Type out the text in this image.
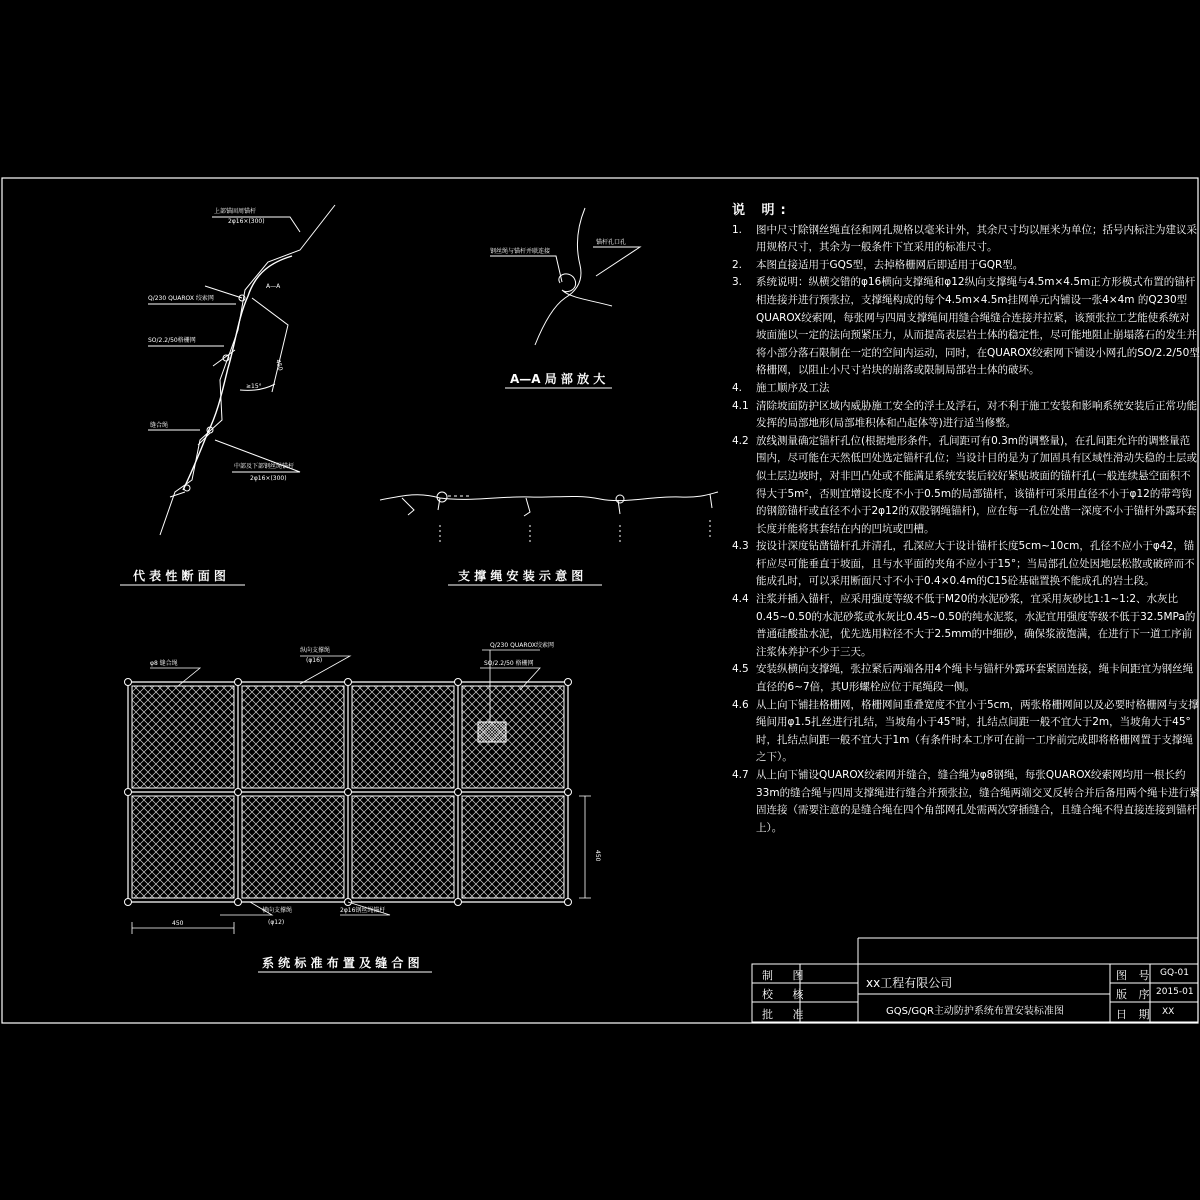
A—A
上部锚固周锚杆
2φ16×(300)
Q/230 QUAROX 绞索网
SO/2.2/50格栅网
450
≥15°
缝合绳
中部及下部钢丝绳锚杆
2φ16×(300)
代 表 性 断 面 图
钢丝绳与锚杆并联连接
锚杆孔口孔
A—A 局 部 放 大
支 撑 绳 安 装 示 意 图
φ8 缝合绳
纵向支撑绳
(φ16)
Q/230 QUAROX绞索网
SO/2.2/50 格栅网
横向支撑绳
(φ12)
2φ16钢丝绳锚杆
450
450
系 统 标 准 布 置 及 缝 合 图
说 明:
1. 图中尺寸除钢丝绳直径和网孔规格以毫米计外，其余尺寸均以厘米为单位；括号内标注为建议采用规格尺寸，其余为一般条件下宜采用的标准尺寸。
2. 本图直接适用于GQS型，去掉格栅网后即适用于GQR型。
3. 系统说明：纵横交错的φ16横向支撑绳和φ12纵向支撑绳与4.5m×4.5m正方形模式布置的锚杆相连接并进行预张拉，支撑绳构成的每个4.5m×4.5m挂网单元内铺设一张4×4m 的Q230型QUAROX绞索网，每张网与四周支撑绳间用缝合绳缝合连接并拉紧，该预张拉工艺能使系统对坡面施以一定的法向预紧压力，从而提高表层岩土体的稳定性，尽可能地阻止崩塌落石的发生并将小部分落石限制在一定的空间内运动，同时，在QUAROX绞索网下铺设小网孔的SO/2.2/50型格栅网，以阻止小尺寸岩块的崩落或限制局部岩土体的破坏。
4. 施工顺序及工法
4.1 清除坡面防护区域内威胁施工安全的浮土及浮石，对不利于施工安装和影响系统安装后正常功能发挥的局部地形(局部堆积体和凸起体等)进行适当修整。
4.2 放线测量确定锚杆孔位(根据地形条件，孔间距可有0.3m的调整量)，在孔间距允许的调整量范围内，尽可能在天然低凹处选定锚杆孔位；当设计目的是为了加固具有区域性滑动失稳的土层或似土层边坡时，对非凹凸处或不能满足系统安装后较好紧贴坡面的锚杆孔(一般连续悬空面积不得大于5m²，否则宜增设长度不小于0.5m的局部锚杆，该锚杆可采用直径不小于φ12的带弯钩的钢筋锚杆或直径不小于2φ12的双股钢绳锚杆)，应在每一孔位处凿一深度不小于锚杆外露环套长度并能将其套结在内的凹坑或凹槽。
4.3 按设计深度钻凿锚杆孔并清孔，孔深应大于设计锚杆长度5cm~10cm，孔径不应小于φ42，锚杆应尽可能垂直于坡面，且与水平面的夹角不应小于15°；当局部孔位处因地层松散或破碎而不能成孔时，可以采用断面尺寸不小于0.4×0.4m的C15砼基础置换不能成孔的岩土段。
4.4 注浆并插入锚杆，应采用强度等级不低于M20的水泥砂浆，宜采用灰砂比1:1~1:2、水灰比0.45~0.50的水泥砂浆或水灰比0.45~0.50的纯水泥浆，水泥宜用强度等级不低于32.5MPa的普通硅酸盐水泥，优先选用粒径不大于2.5mm的中细砂，确保浆液饱满，在进行下一道工序前注浆体养护不少于三天。
4.5 安装纵横向支撑绳，张拉紧后两端各用4个绳卡与锚杆外露环套紧固连接，绳卡间距宜为钢丝绳直径的6~7倍，其U形螺栓应位于尾绳段一侧。
4.6 从上向下铺挂格栅网，格栅网间重叠宽度不宜小于5cm，两张格栅网间以及必要时格栅网与支撑绳间用φ1.5扎丝进行扎结，当坡角小于45°时，扎结点间距一般不宜大于2m，当坡角大于45°时，扎结点间距一般不宜大于1m（有条件时本工序可在前一工序前完成即将格栅网置于支撑绳之下）。
4.7 从上向下铺设QUAROX绞索网并缝合，缝合绳为φ8钢绳，每张QUAROX绞索网均用一根长约33m的缝合绳与四周支撑绳进行缝合并预张拉，缝合绳两端交叉反转合并后备用两个绳卡进行紧固连接（需要注意的是缝合绳在四个角部网孔处需两次穿插缝合，且缝合绳不得直接连接到锚杆上）。
制 图
校 核
批 准
xx工程有限公司
GQS/GQR主动防护系统布置安装标准图
图 号 GQ-01
版 序 2015-01
日 期 XX
